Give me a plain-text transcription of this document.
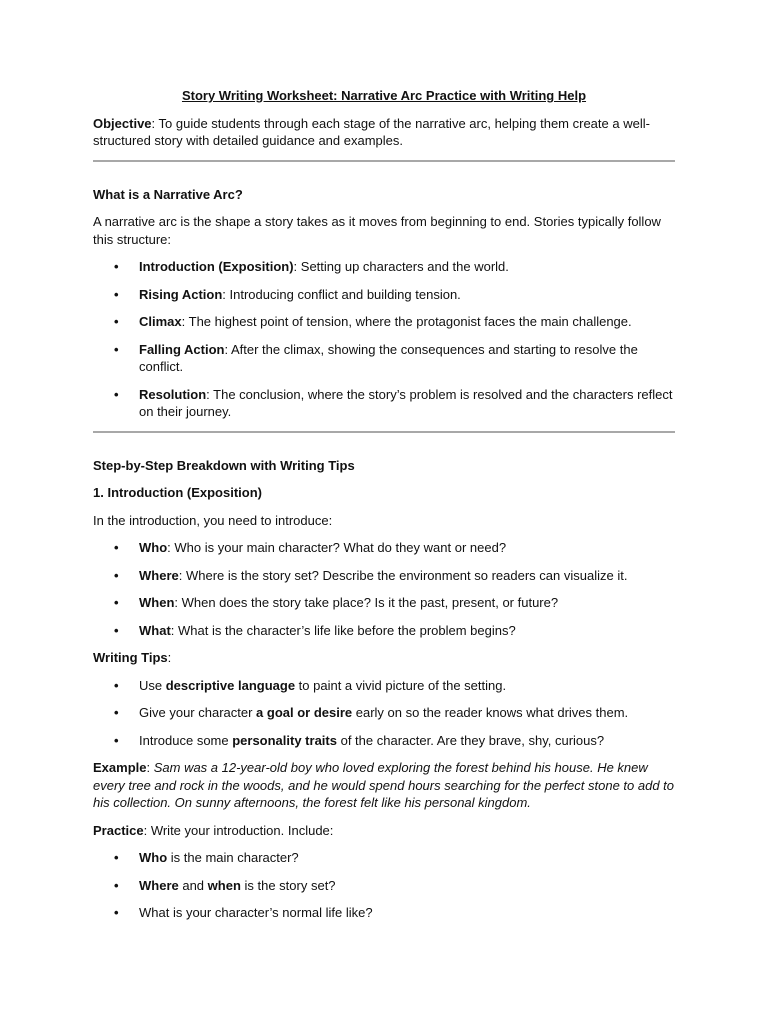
Story Writing Worksheet: Narrative Arc Practice with Writing Help

Objective: To guide students through each stage of the narrative arc, helping them create a well-structured story with detailed guidance and examples.

What is a Narrative Arc?

A narrative arc is the shape a story takes as it moves from beginning to end. Stories typically follow this structure:

• Introduction (Exposition): Setting up characters and the world.
• Rising Action: Introducing conflict and building tension.
• Climax: The highest point of tension, where the protagonist faces the main challenge.
• Falling Action: After the climax, showing the consequences and starting to resolve the conflict.
• Resolution: The conclusion, where the story’s problem is resolved and the characters reflect on their journey.
Step-by-Step Breakdown with Writing Tips
1. Introduction (Exposition)

In the introduction, you need to introduce:

• Who: Who is your main character? What do they want or need?
• Where: Where is the story set? Describe the environment so readers can visualize it.
• When: When does the story take place? Is it the past, present, or future?
• What: What is the character’s life like before the problem begins?

Writing Tips:

• Use descriptive language to paint a vivid picture of the setting.
• Give your character a goal or desire early on so the reader knows what drives them.
• Introduce some personality traits of the character. Are they brave, shy, curious?

Example: Sam was a 12-year-old boy who loved exploring the forest behind his house. He knew every tree and rock in the woods, and he would spend hours searching for the perfect stone to add to his collection. On sunny afternoons, the forest felt like his personal kingdom.

Practice: Write your introduction. Include:

• Who is the main character?
• Where and when is the story set?
• What is your character’s normal life like?
